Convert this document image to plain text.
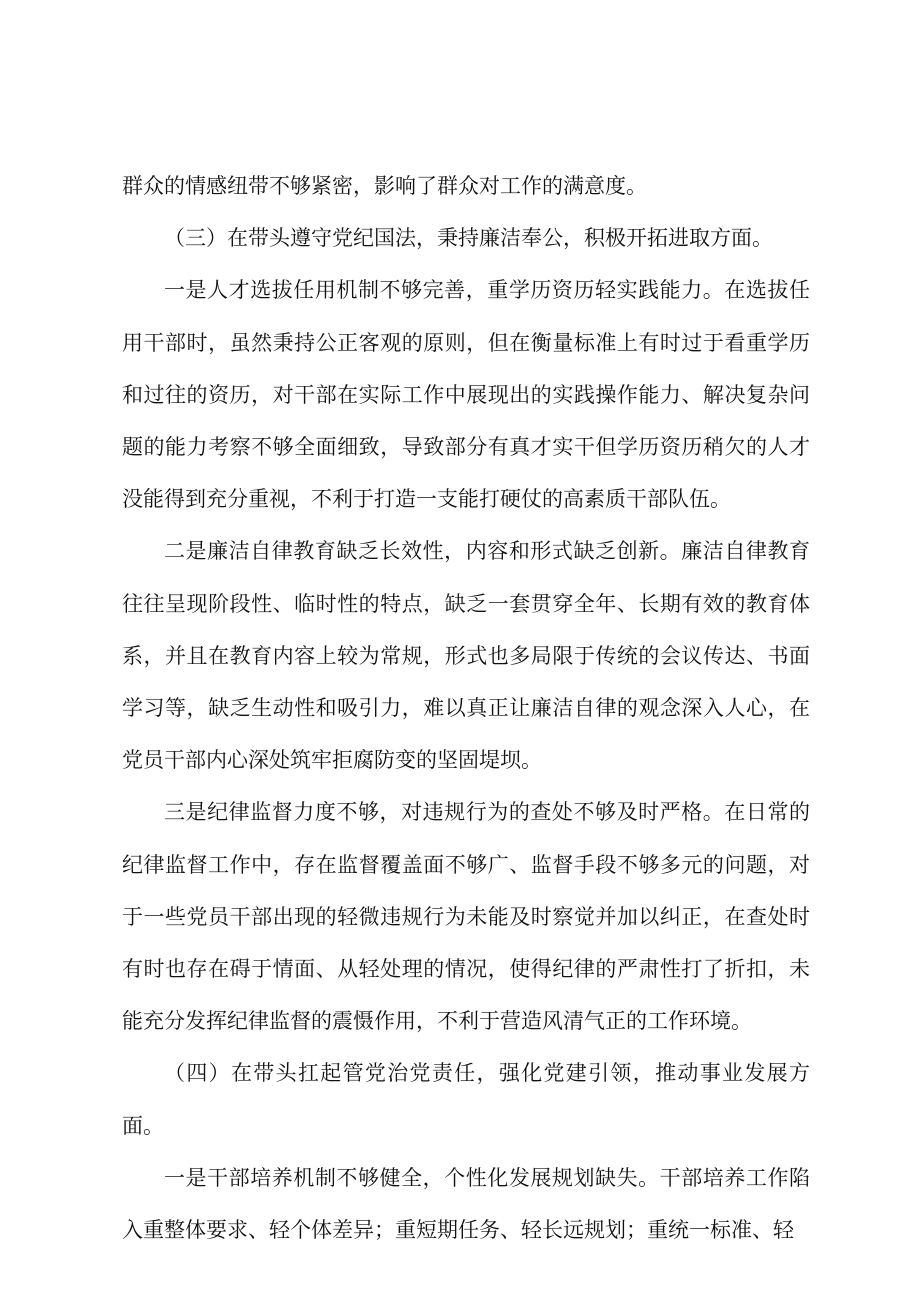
群众的情感纽带不够紧密，影响了群众对工作的满意度。

（三）在带头遵守党纪国法，秉持廉洁奉公，积极开拓进取方面。

一是人才选拔任用机制不够完善，重学历资历轻实践能力。在选拔任用干部时，虽然秉持公正客观的原则，但在衡量标准上有时过于看重学历和过往的资历，对干部在实际工作中展现出的实践操作能力、解决复杂问题的能力考察不够全面细致，导致部分有真才实干但学历资历稍欠的人才没能得到充分重视，不利于打造一支能打硬仗的高素质干部队伍。

二是廉洁自律教育缺乏长效性，内容和形式缺乏创新。廉洁自律教育往往呈现阶段性、临时性的特点，缺乏一套贯穿全年、长期有效的教育体系，并且在教育内容上较为常规，形式也多局限于传统的会议传达、书面学习等，缺乏生动性和吸引力，难以真正让廉洁自律的观念深入人心，在党员干部内心深处筑牢拒腐防变的坚固堤坝。

三是纪律监督力度不够，对违规行为的查处不够及时严格。在日常的纪律监督工作中，存在监督覆盖面不够广、监督手段不够多元的问题，对于一些党员干部出现的轻微违规行为未能及时察觉并加以纠正，在查处时有时也存在碍于情面、从轻处理的情况，使得纪律的严肃性打了折扣，未能充分发挥纪律监督的震慑作用，不利于营造风清气正的工作环境。

（四）在带头扛起管党治党责任，强化党建引领，推动事业发展方面。

一是干部培养机制不够健全，个性化发展规划缺失。干部培养工作陷入重整体要求、轻个体差异；重短期任务、轻长远规划；重统一标准、轻
